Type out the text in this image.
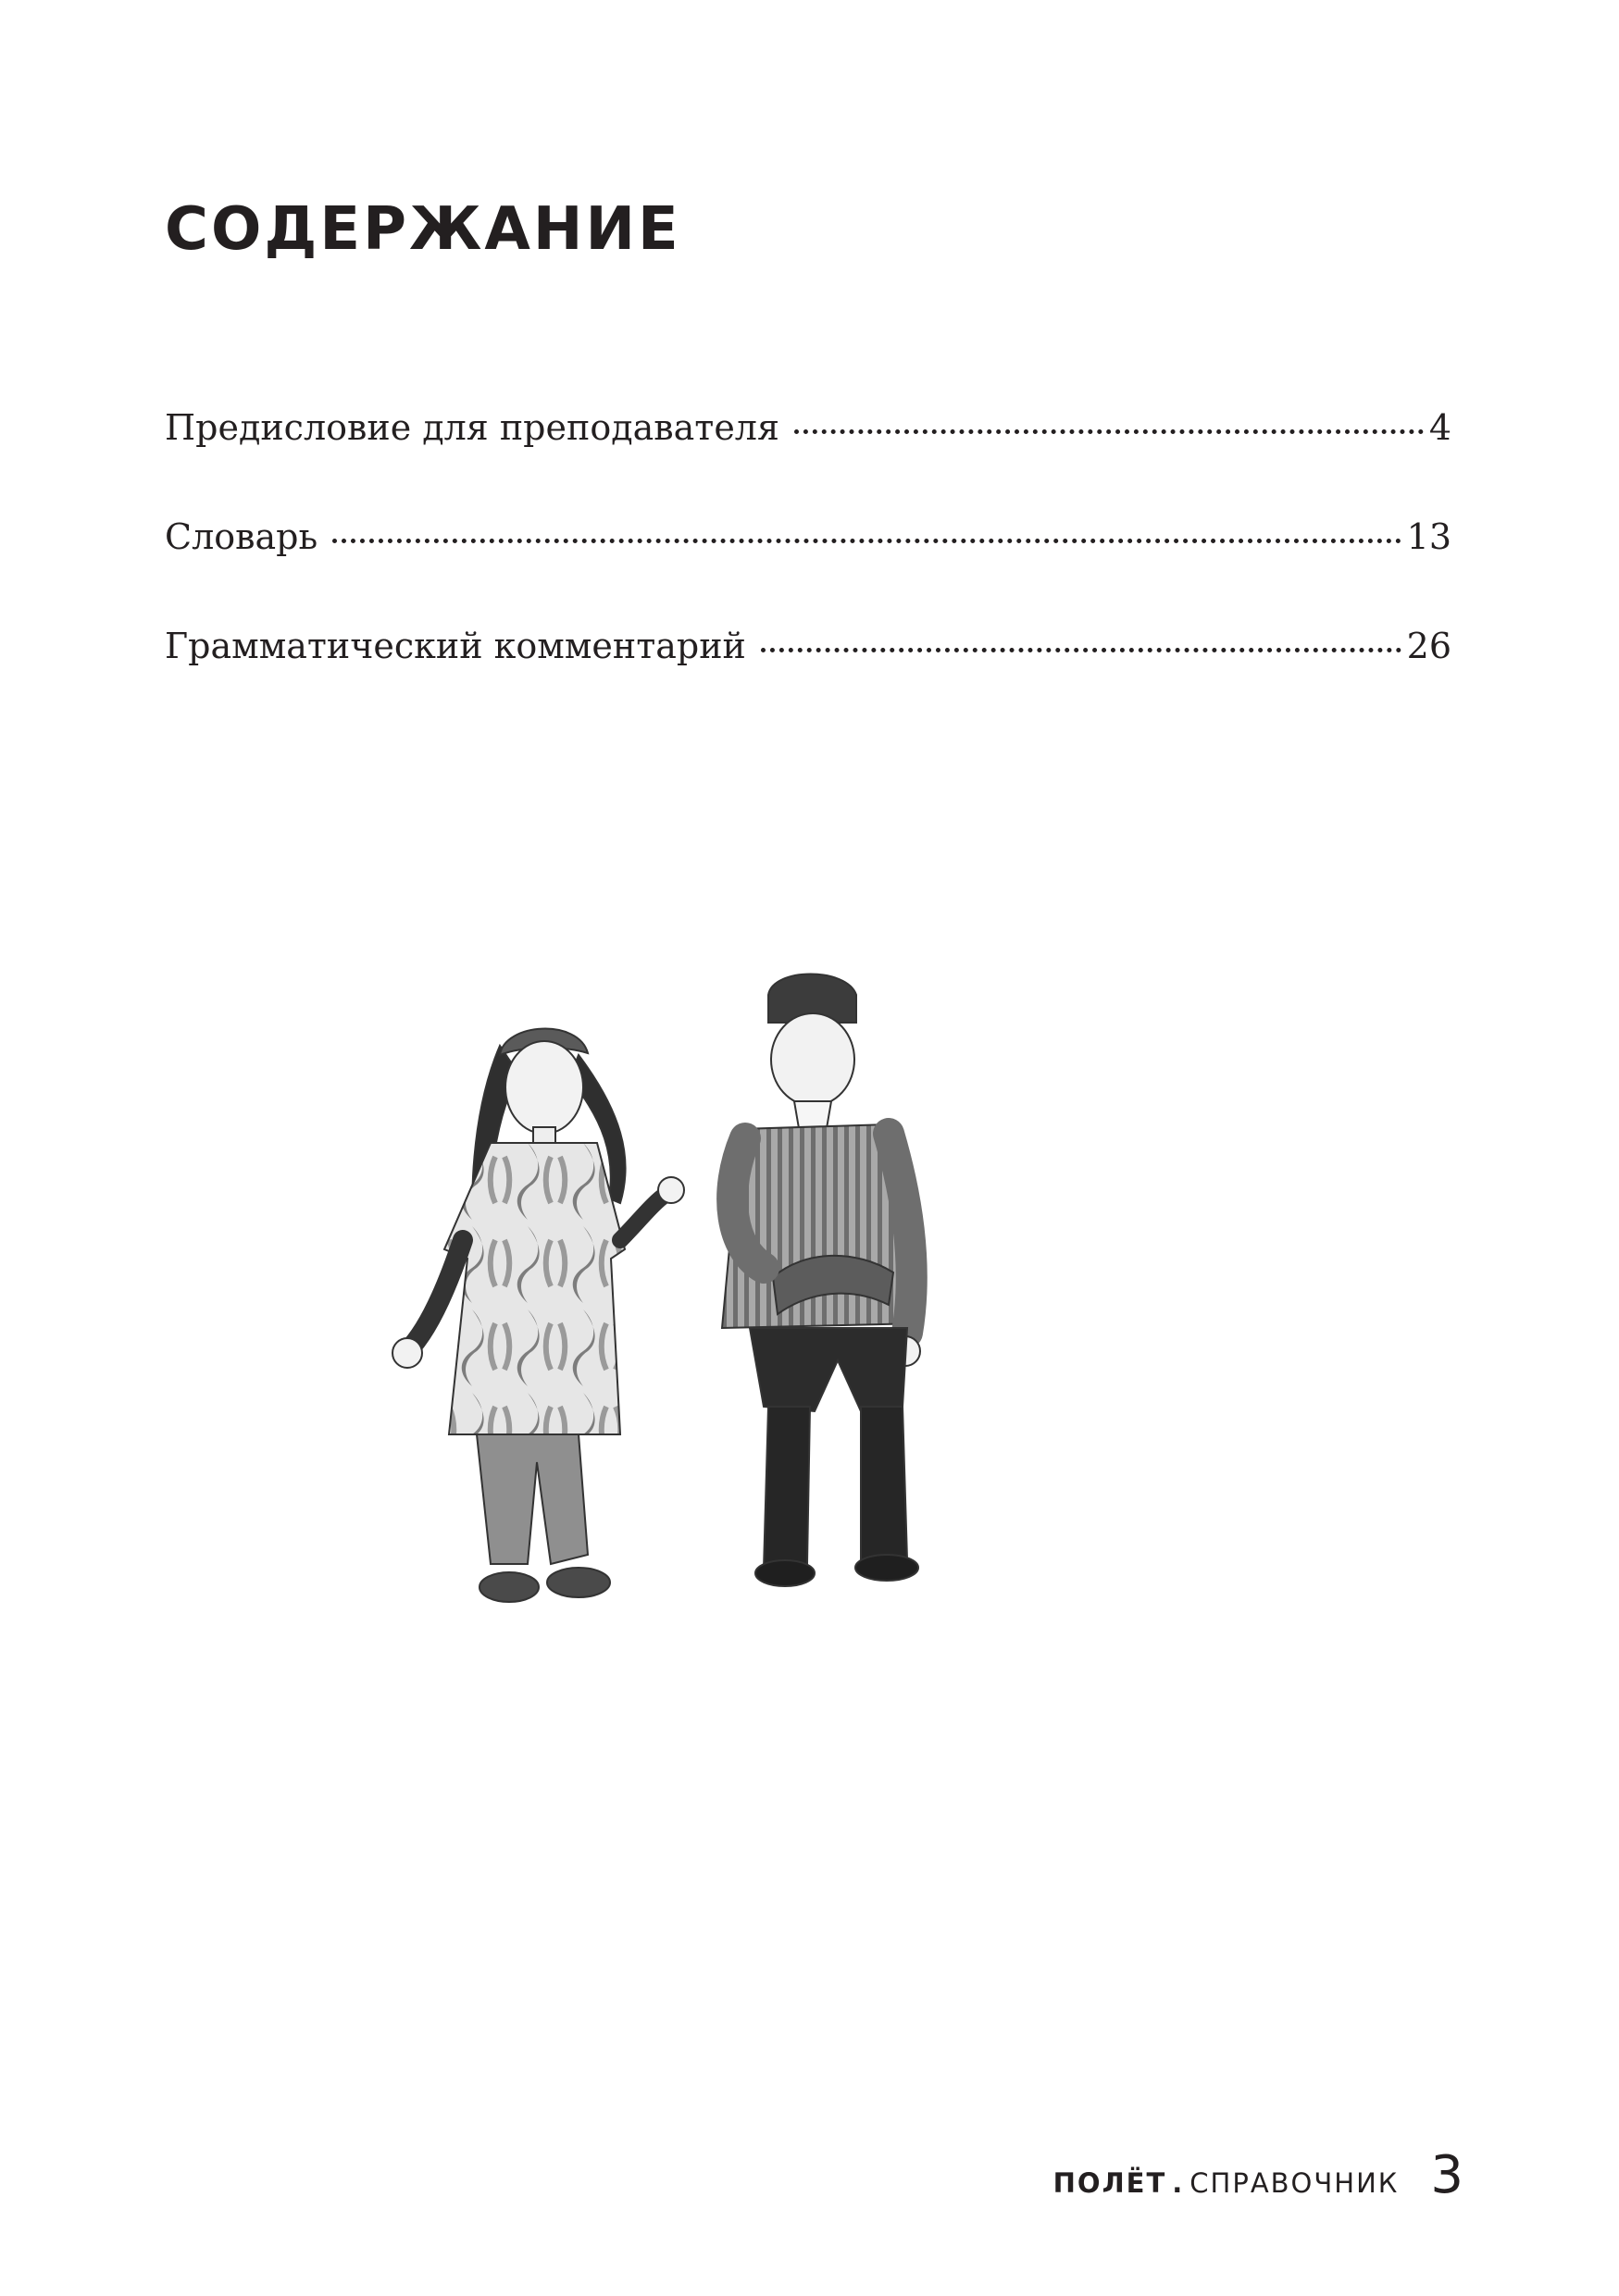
СОДЕРЖАНИЕ
Предисловие для преподавателя	4
Словарь	13
Грамматический комментарий	26
ПОЛЁТ . СПРАВОЧНИК 3
